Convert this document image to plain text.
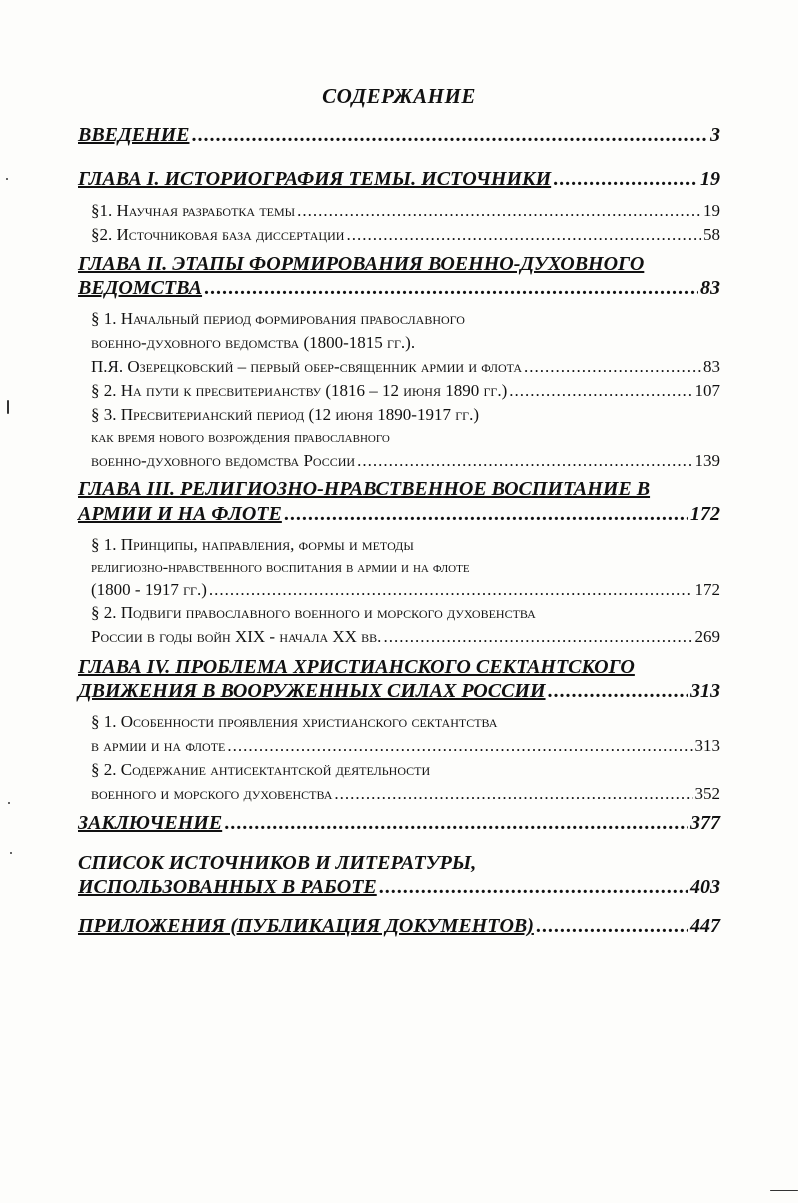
СОДЕРЖАНИЕ
ВВЕДЕНИЕ .....	3
ГЛАВА I. ИСТОРИОГРАФИЯ ТЕМЫ. ИСТОЧНИКИ .....	19
§1. Научная разработка темы .....	19
§2. Источниковая база диссертации .....	58
ГЛАВА II. ЭТАПЫ ФОРМИРОВАНИЯ ВОЕННО-ДУХОВНОГО
ВЕДОМСТВА .....	83
§ 1. Начальный период формирования православного
военно-духовного ведомства (1800-1815 гг.).
П.Я. Озерецковский – первый обер-священник армии и флота .....	83
§ 2. На пути к пресвитерианству (1816 – 12 июня 1890 гг.) .....	107
§ 3. Пресвитерианский период (12 июня 1890-1917 гг.)
как время нового возрождения православного
военно-духовного ведомства России .....	139
ГЛАВА III. РЕЛИГИОЗНО-НРАВСТВЕННОЕ ВОСПИТАНИЕ В
АРМИИ И НА ФЛОТЕ .....	172
§ 1. Принципы, направления, формы и методы
религиозно-нравственного воспитания в армии и на флоте
(1800 - 1917 гг.) .....	172
§ 2. Подвиги православного военного и морского духовенства
России в годы войн XIX - начала XX вв. .....	269
ГЛАВА IV. ПРОБЛЕМА ХРИСТИАНСКОГО СЕКТАНТСКОГО
ДВИЖЕНИЯ В ВООРУЖЕННЫХ СИЛАХ РОССИИ .....	313
§ 1. Особенности проявления христианского сектантства
в армии и на флоте .....	313
§ 2. Содержание антисектантской деятельности
военного и морского духовенства .....	352
ЗАКЛЮЧЕНИЕ .....	377
СПИСОК ИСТОЧНИКОВ И ЛИТЕРАТУРЫ,
ИСПОЛЬЗОВАННЫХ В РАБОТЕ .....	403
ПРИЛОЖЕНИЯ (ПУБЛИКАЦИЯ ДОКУМЕНТОВ) .....	447
